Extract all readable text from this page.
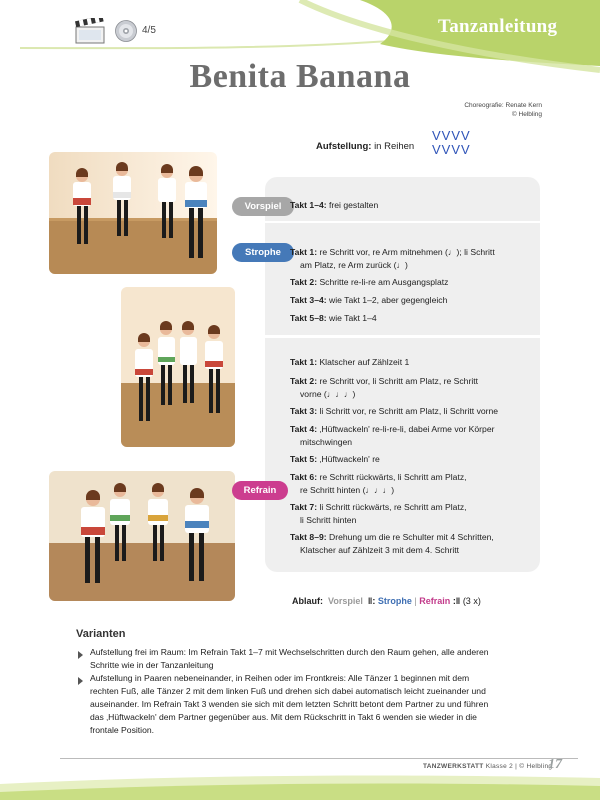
4/5	Tanzanleitung
Benita Banana
Choreografie: Renate Kern
© Helbling
Aufstellung: in Reihen
VVVV
VVVV
Vorspiel
Strophe
Refrain
Takt 1–4: frei gestalten
Takt 1: re Schritt vor, re Arm mitnehmen (♩); li Schritt
am Platz, re Arm zurück (♩)
Takt 2: Schritte re-li-re am Ausgangsplatz
Takt 3–4: wie Takt 1–2, aber gegengleich
Takt 5–8: wie Takt 1–4
Takt 1: Klatscher auf Zählzeit 1
Takt 2: re Schritt vor, li Schritt am Platz, re Schritt
vorne (♩♩♩)
Takt 3: li Schritt vor, re Schritt am Platz, li Schritt vorne
Takt 4: ‚Hüftwackeln' re-li-re-li, dabei Arme vor Körper
mitschwingen
Takt 5: ‚Hüftwackeln' re
Takt 6: re Schritt rückwärts, li Schritt am Platz,
re Schritt hinten (♩♩♩)
Takt 7: li Schritt rückwärts, re Schritt am Platz,
li Schritt hinten
Takt 8–9: Drehung um die re Schulter mit 4 Schritten,
Klatscher auf Zählzeit 3 mit dem 4. Schritt
Ablauf: Vorspiel ‖: Strophe | Refrain :‖ (3 x)
Varianten
Aufstellung frei im Raum: Im Refrain Takt 1–7 mit Wechselschritten durch den Raum gehen, alle anderen
Schritte wie in der Tanzanleitung
Aufstellung in Paaren nebeneinander, in Reihen oder im Frontkreis: Alle Tänzer 1 beginnen mit dem
rechten Fuß, alle Tänzer 2 mit dem linken Fuß und drehen sich dabei automatisch leicht zueinander und
auseinander. Im Refrain Takt 3 wenden sie sich mit dem letzten Schritt betont dem Partner zu und führen
das ‚Hüftwackeln' dem Partner gegenüber aus. Mit dem Rückschritt in Takt 6 wenden sie wieder in die
frontale Position.
TANZWERKSTATT Klasse 2 | © Helbling
17
